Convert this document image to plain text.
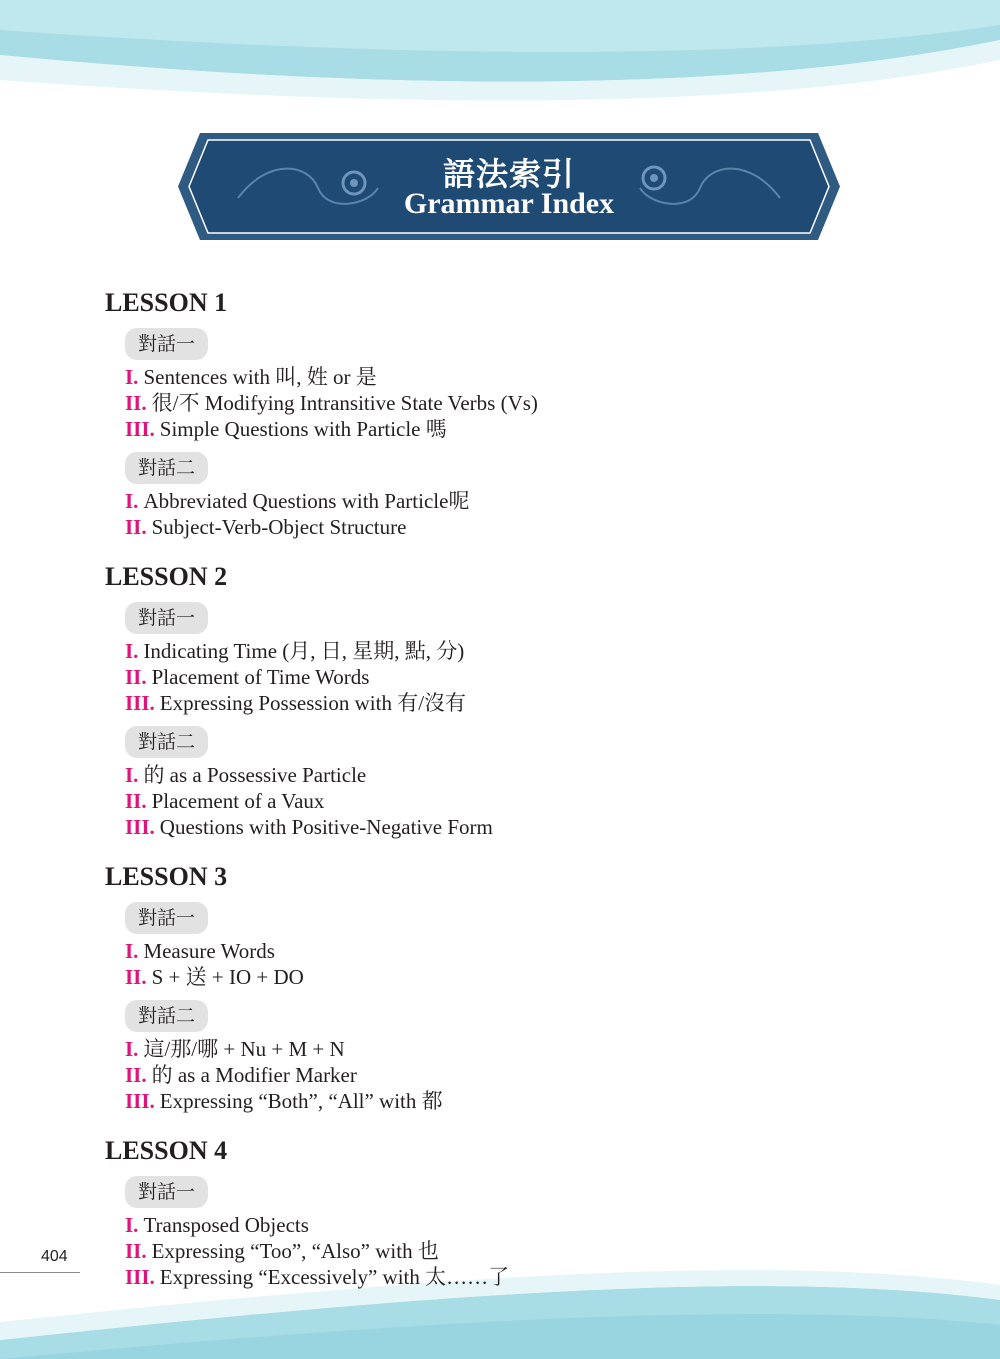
語法索引
Grammar Index
LESSON 1
對話一
I. Sentences with 叫, 姓 or 是
II. 很/不 Modifying Intransitive State Verbs (Vs)
III. Simple Questions with Particle 嗎
對話二
I. Abbreviated Questions with Particle呢
II. Subject-Verb-Object Structure
LESSON 2
對話一
I. Indicating Time (月, 日, 星期, 點, 分)
II. Placement of Time Words
III. Expressing Possession with 有/沒有
對話二
I. 的 as a Possessive Particle
II. Placement of a Vaux
III. Questions with Positive-Negative Form
LESSON 3
對話一
I. Measure Words
II. S + 送 + IO + DO
對話二
I. 這/那/哪 + Nu + M + N
II. 的 as a Modifier Marker
III. Expressing “Both”, “All” with 都
LESSON 4
對話一
I. Transposed Objects
II. Expressing “Too”, “Also” with 也
III. Expressing “Excessively” with 太……了
404
